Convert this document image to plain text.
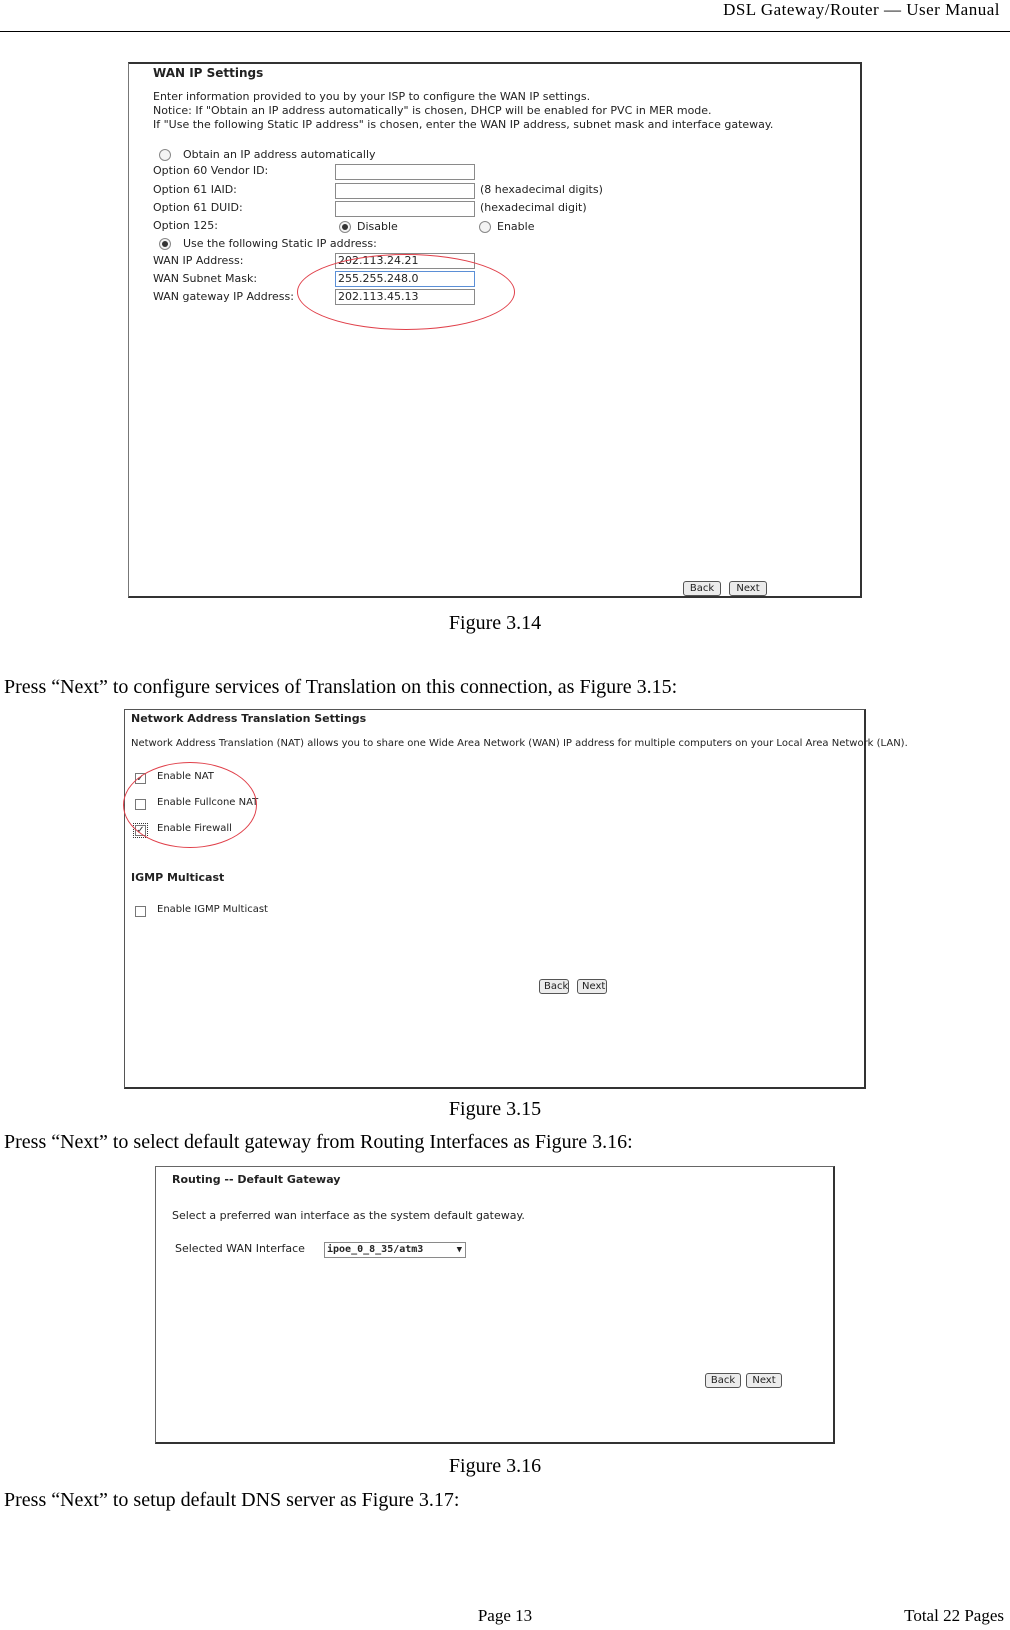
DSL Gateway/Router — User Manual
WAN IP Settings
Enter information provided to you by your ISP to configure the WAN IP settings.
Notice: If "Obtain an IP address automatically" is chosen, DHCP will be enabled for PVC in MER mode.
If "Use the following Static IP address" is chosen, enter the WAN IP address, subnet mask and interface gateway.
Obtain an IP address automatically
Option 60 Vendor ID:
Option 61 IAID:	(8 hexadecimal digits)
Option 61 DUID:	(hexadecimal digit)
Option 125:	Disable	Enable
Use the following Static IP address:
WAN IP Address:	202.113.24.21
WAN Subnet Mask:	255.255.248.0
WAN gateway IP Address:	202.113.45.13
Back	Next
Figure 3.14
Press “Next” to configure services of Translation on this connection, as Figure 3.15:
Network Address Translation Settings
Network Address Translation (NAT) allows you to share one Wide Area Network (WAN) IP address for multiple computers on your Local Area Network (LAN).
✓ Enable NAT
Enable Fullcone NAT
✓ Enable Firewall
IGMP Multicast
Enable IGMP Multicast
Back	Next
Figure 3.15
Press “Next” to select default gateway from Routing Interfaces as Figure 3.16:
Routing -- Default Gateway
Select a preferred wan interface as the system default gateway.
Selected WAN Interface	ipoe_0_8_35/atm3	▼
Back	Next
Figure 3.16
Press “Next” to setup default DNS server as Figure 3.17:
Page 13	Total 22 Pages
